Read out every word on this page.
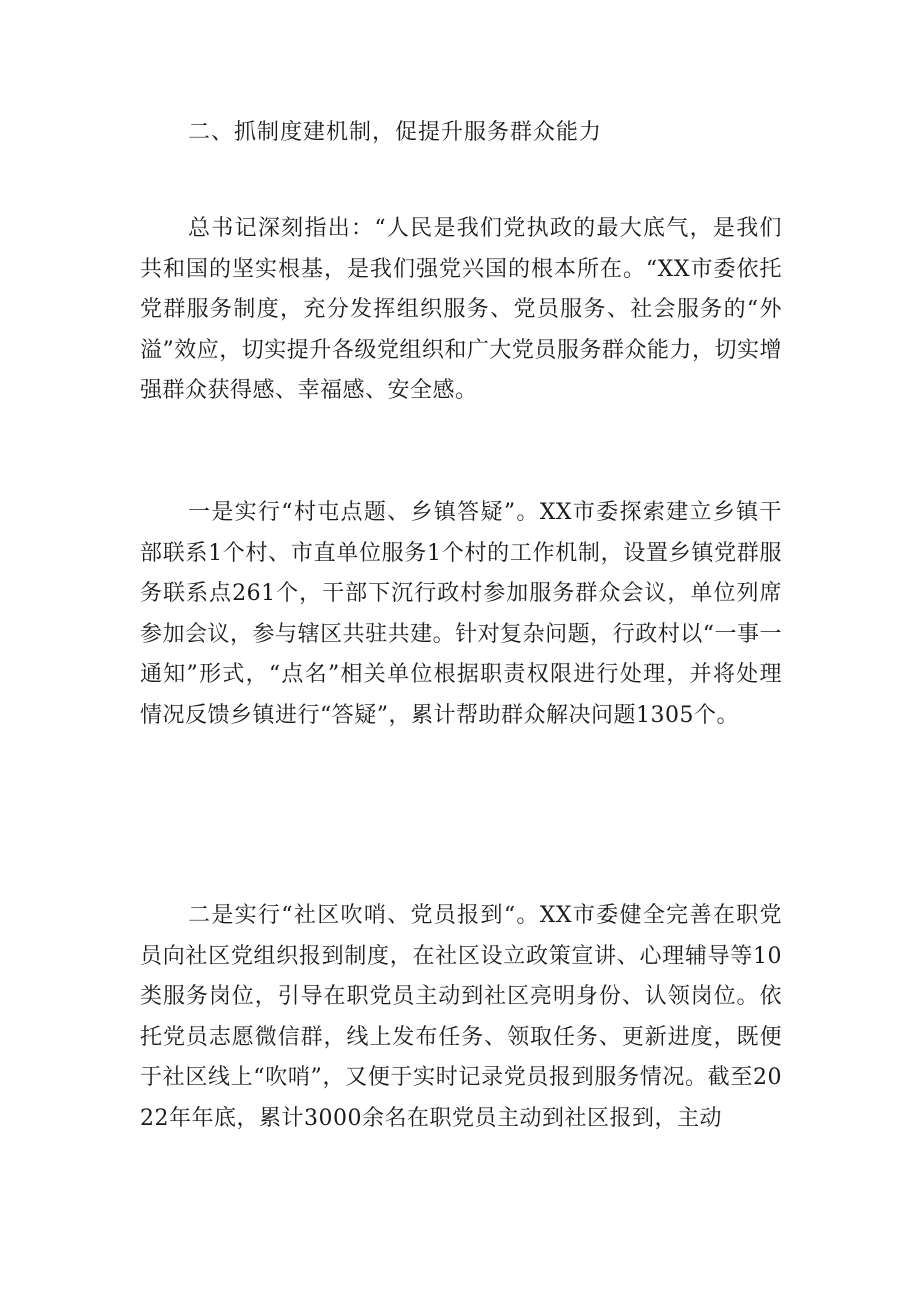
二、抓制度建机制，促提升服务群众能力

总书记深刻指出：“人民是我们党执政的最大底气，是我们共和国的坚实根基，是我们强党兴国的根本所在。“XX市委依托党群服务制度，充分发挥组织服务、党员服务、社会服务的“外溢”效应，切实提升各级党组织和广大党员服务群众能力，切实增强群众获得感、幸福感、安全感。

一是实行“村屯点题、乡镇答疑”。XX市委探索建立乡镇干部联系1个村、市直单位服务1个村的工作机制，设置乡镇党群服务联系点261个，干部下沉行政村参加服务群众会议，单位列席参加会议，参与辖区共驻共建。针对复杂问题，行政村以“一事一通知”形式，“点名”相关单位根据职责权限进行处理，并将处理情况反馈乡镇进行“答疑”，累计帮助群众解决问题1305个。

二是实行“社区吹哨、党员报到“。XX市委健全完善在职党员向社区党组织报到制度，在社区设立政策宣讲、心理辅导等10类服务岗位，引导在职党员主动到社区亮明身份、认领岗位。依托党员志愿微信群，线上发布任务、领取任务、更新进度，既便于社区线上“吹哨”，又便于实时记录党员报到服务情况。截至2022年年底，累计3000余名在职党员主动到社区报到，主动
